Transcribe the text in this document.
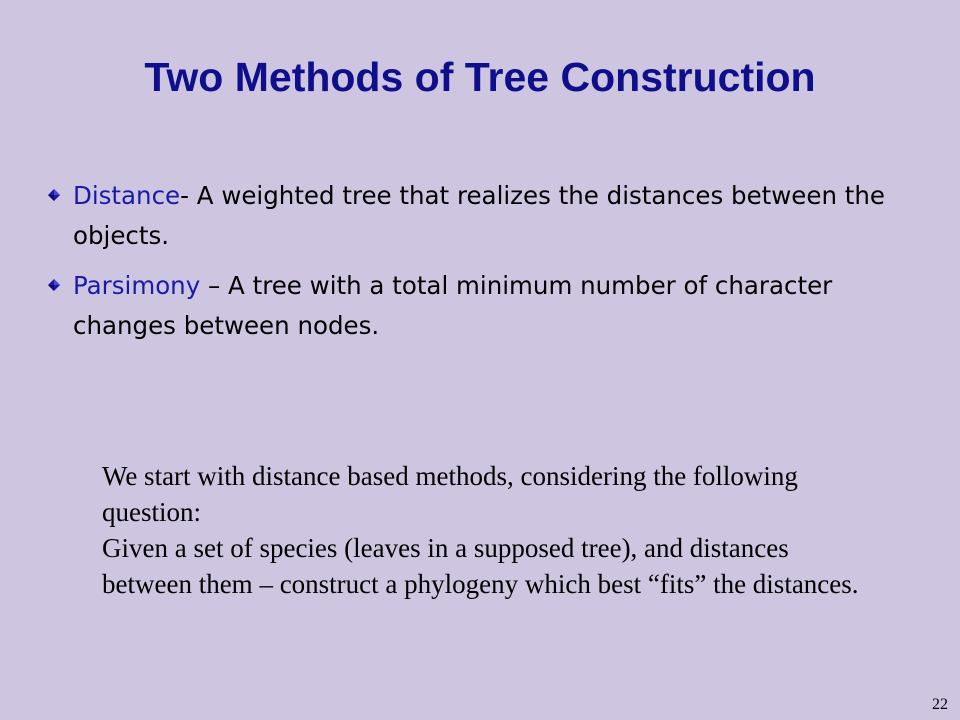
Two Methods of Tree Construction
Distance- A weighted tree that realizes the distances between the objects.
Parsimony – A tree with a total minimum number of character changes between nodes.

We start with distance based methods, considering the following question:

Given a set of species (leaves in a supposed tree), and distances between them – construct a phylogeny which best “fits” the distances.

22
